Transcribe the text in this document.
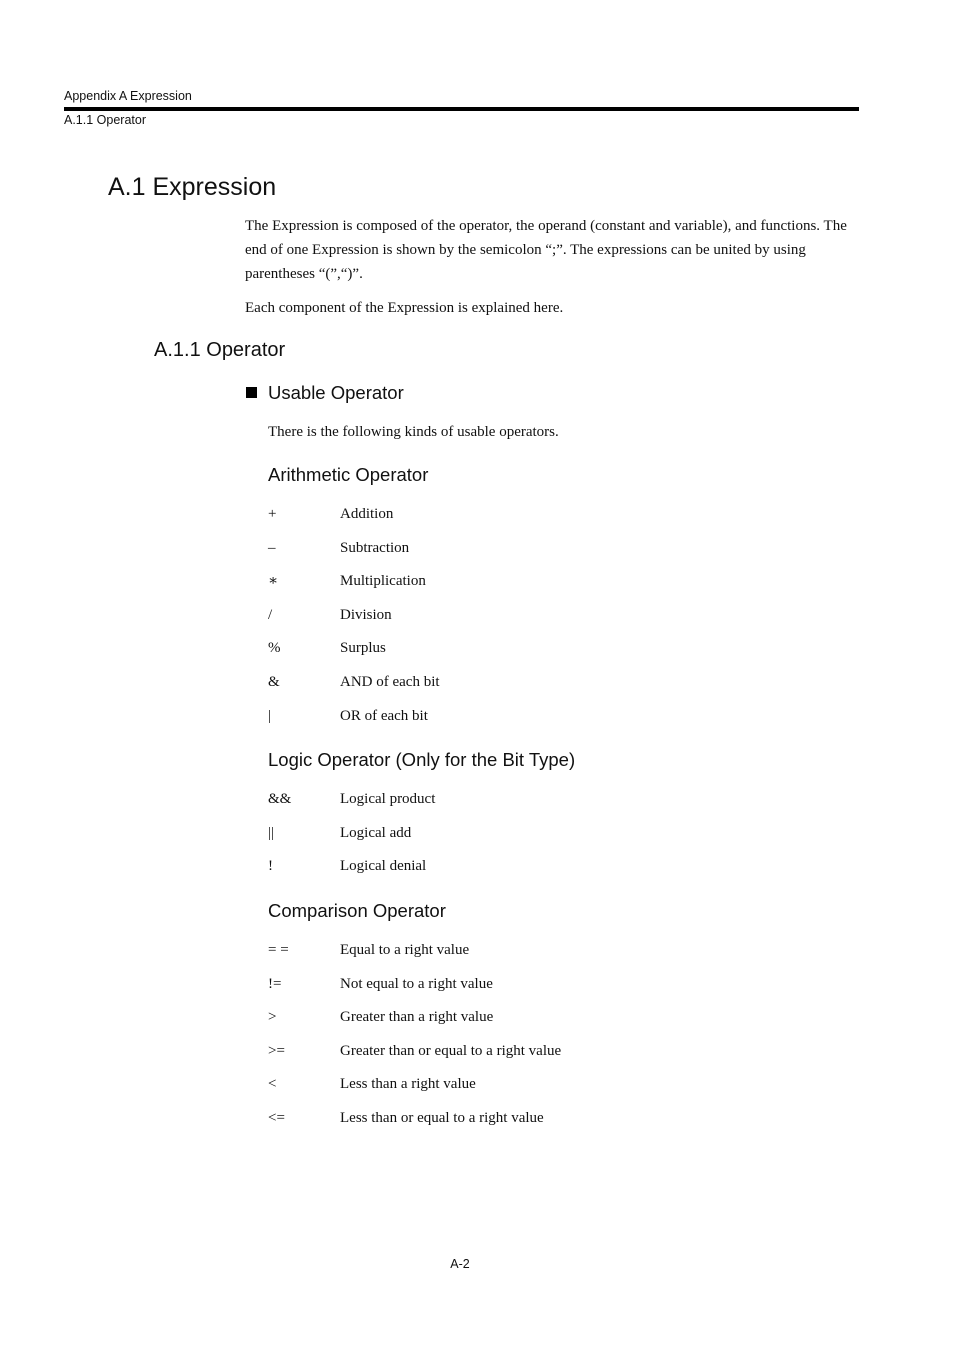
Appendix A Expression
A.1.1 Operator
A.1 Expression

The Expression is composed of the operator, the operand (constant and variable), and functions. The end of one Expression is shown by the semicolon “;”. The expressions can be united by using parentheses “(”,“)”.

Each component of the Expression is explained here.

A.1.1 Operator
Usable Operator

There is the following kinds of usable operators.

Arithmetic Operator
+	Addition
–	Subtraction
∗	Multiplication
/	Division
%	Surplus
&	AND of each bit
|	OR of each bit
Logic Operator (Only for the Bit Type)
&&	Logical product
||	Logical add
!	Logical denial
Comparison Operator
= =	Equal to a right value
!=	Not equal to a right value
>	Greater than a right value
>=	Greater than or equal to a right value
<	Less than a right value
<=	Less than or equal to a right value
A-2
